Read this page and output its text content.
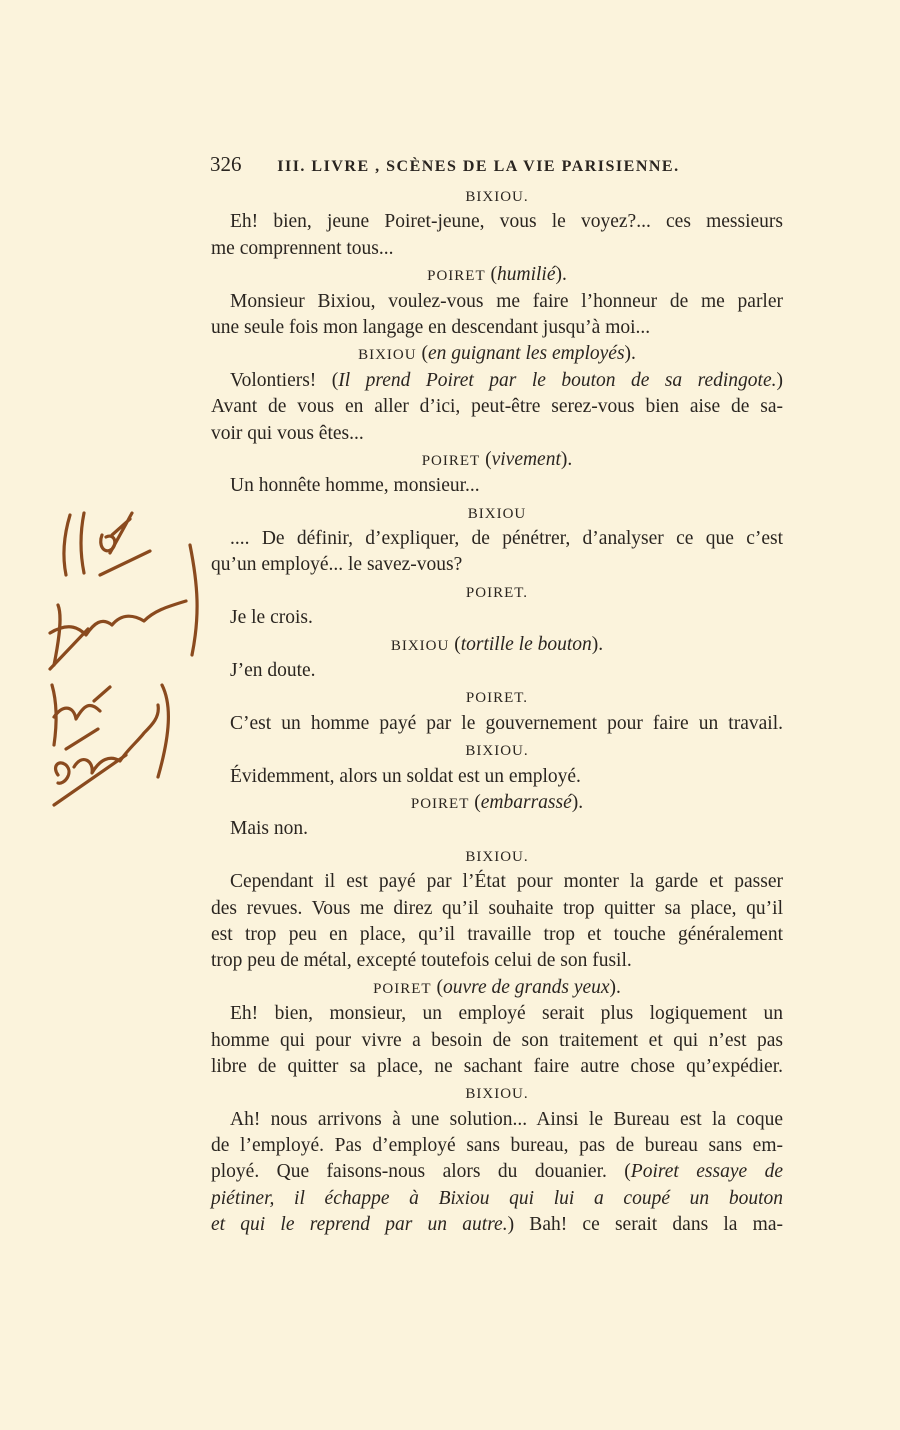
326 III. LIVRE , SCÈNES DE LA VIE PARISIENNE.
BIXIOU.
Eh! bien, jeune Poiret-jeune, vous le voyez?... ces messieurs
me comprennent tous...
POIRET (humilié).
Monsieur Bixiou, voulez-vous me faire l’honneur de me parler
une seule fois mon langage en descendant jusqu’à moi...
BIXIOU (en guignant les employés).
Volontiers! (Il prend Poiret par le bouton de sa redingote.)
Avant de vous en aller d’ici, peut-être serez-vous bien aise de sa-
voir qui vous êtes...
POIRET (vivement).
Un honnête homme, monsieur...
BIXIOU
.... De définir, d’expliquer, de pénétrer, d’analyser ce que c’est
qu’un employé... le savez-vous?
POIRET.
Je le crois.
BIXIOU (tortille le bouton).
J’en doute.
POIRET.
C’est un homme payé par le gouvernement pour faire un travail.
BIXIOU.
Évidemment, alors un soldat est un employé.
POIRET (embarrassé).
Mais non.
BIXIOU.
Cependant il est payé par l’État pour monter la garde et passer
des revues. Vous me direz qu’il souhaite trop quitter sa place, qu’il
est trop peu en place, qu’il travaille trop et touche généralement
trop peu de métal, excepté toutefois celui de son fusil.
POIRET (ouvre de grands yeux).
Eh! bien, monsieur, un employé serait plus logiquement un
homme qui pour vivre a besoin de son traitement et qui n’est pas
libre de quitter sa place, ne sachant faire autre chose qu’expédier.
BIXIOU.
Ah! nous arrivons à une solution... Ainsi le Bureau est la coque
de l’employé. Pas d’employé sans bureau, pas de bureau sans em-
ployé. Que faisons-nous alors du douanier. (Poiret essaye de
piétiner, il échappe à Bixiou qui lui a coupé un bouton
et qui le reprend par un autre.) Bah! ce serait dans la ma-
